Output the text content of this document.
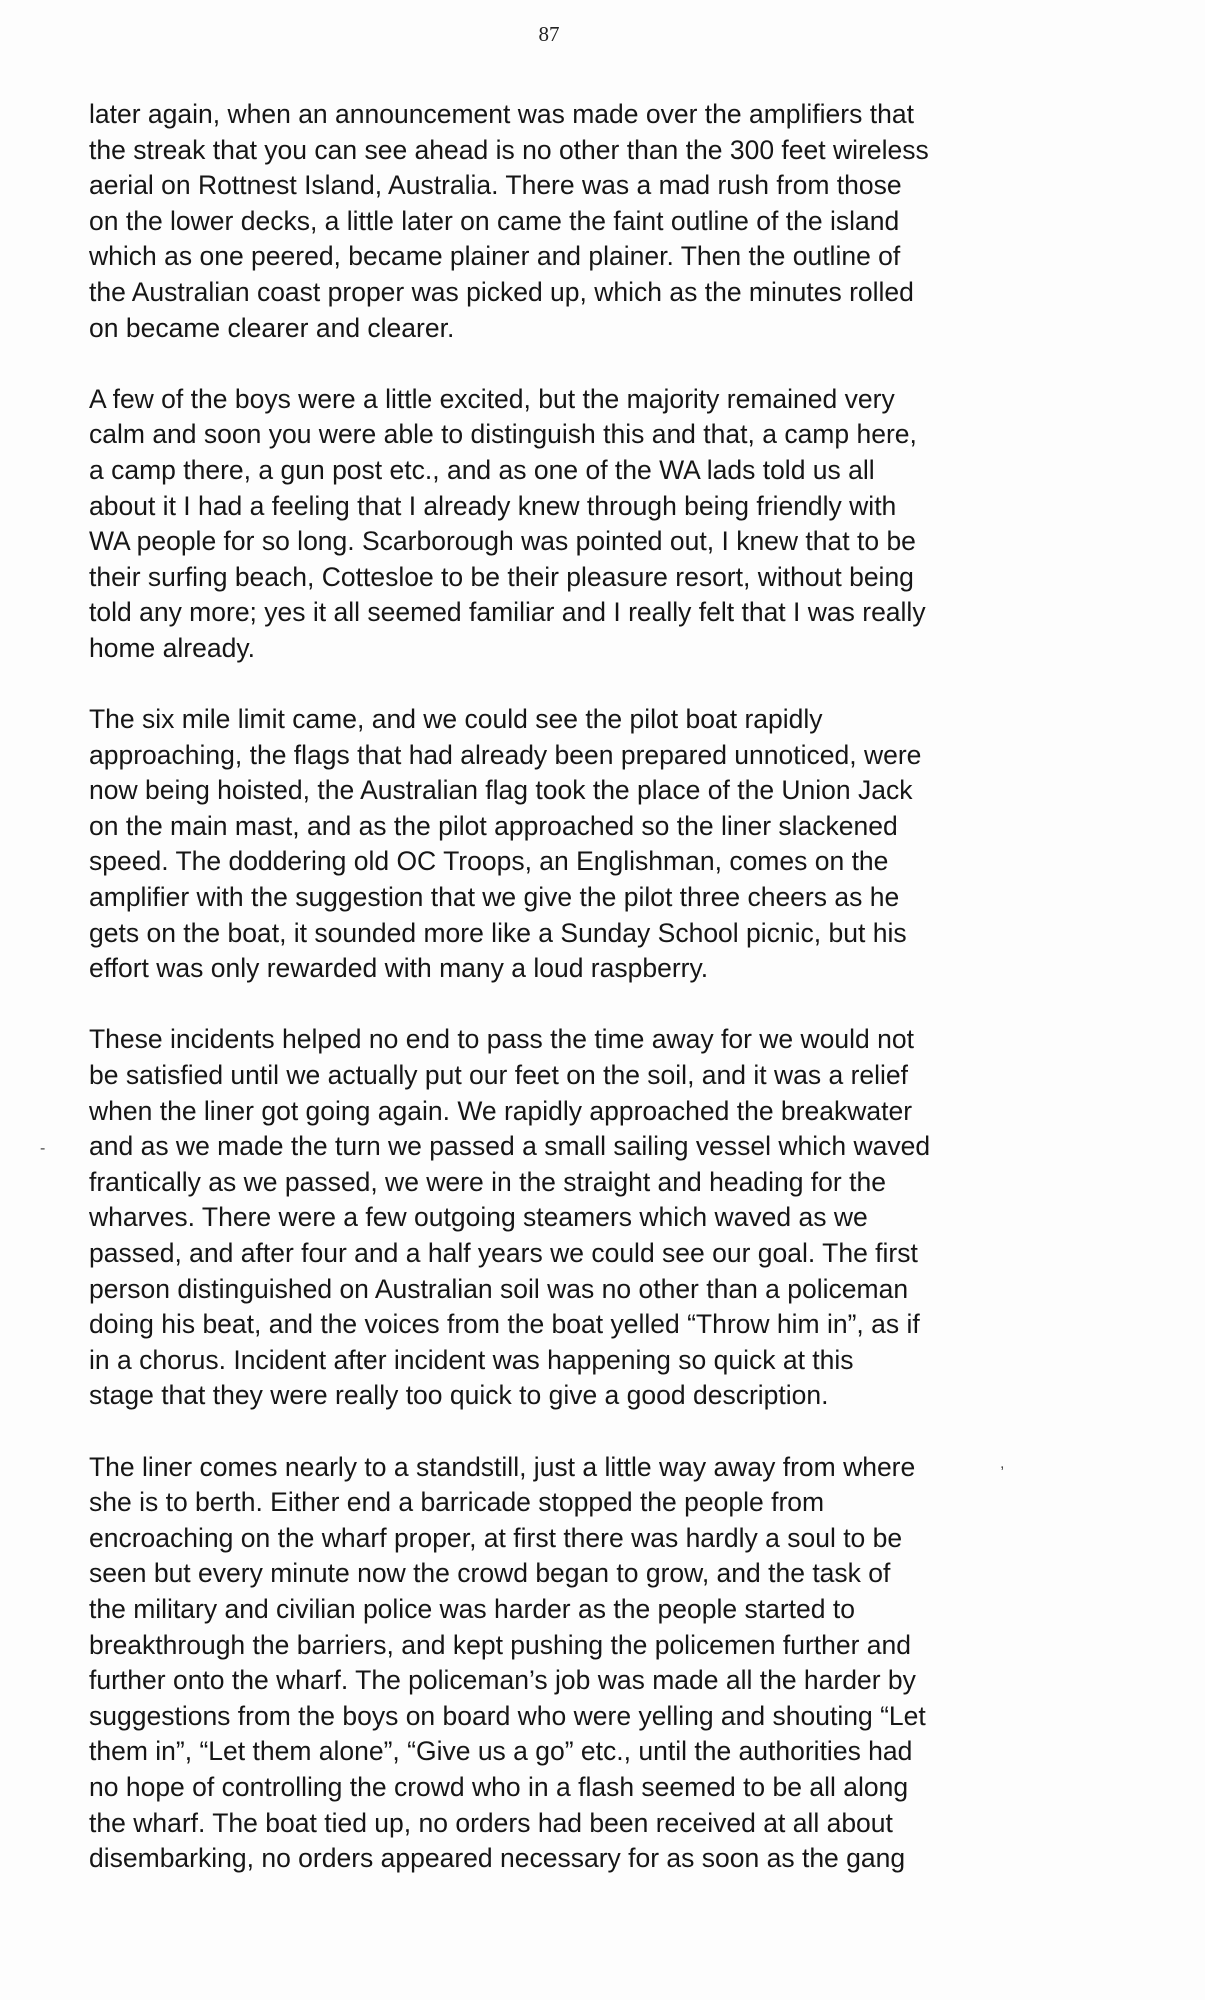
87

later again, when an announcement was made over the amplifiers that
the streak that you can see ahead is no other than the 300 feet wireless
aerial on Rottnest Island, Australia. There was a mad rush from those
on the lower decks, a little later on came the faint outline of the island
which as one peered, became plainer and plainer. Then the outline of
the Australian coast proper was picked up, which as the minutes rolled
on became clearer and clearer.

A few of the boys were a little excited, but the majority remained very
calm and soon you were able to distinguish this and that, a camp here,
a camp there, a gun post etc., and as one of the WA lads told us all
about it I had a feeling that I already knew through being friendly with
WA people for so long. Scarborough was pointed out, I knew that to be
their surfing beach, Cottesloe to be their pleasure resort, without being
told any more; yes it all seemed familiar and I really felt that I was really
home already.

The six mile limit came, and we could see the pilot boat rapidly
approaching, the flags that had already been prepared unnoticed, were
now being hoisted, the Australian flag took the place of the Union Jack
on the main mast, and as the pilot approached so the liner slackened
speed. The doddering old OC Troops, an Englishman, comes on the
amplifier with the suggestion that we give the pilot three cheers as he
gets on the boat, it sounded more like a Sunday School picnic, but his
effort was only rewarded with many a loud raspberry.

These incidents helped no end to pass the time away for we would not
be satisfied until we actually put our feet on the soil, and it was a relief
when the liner got going again. We rapidly approached the breakwater
and as we made the turn we passed a small sailing vessel which waved
frantically as we passed, we were in the straight and heading for the
wharves. There were a few outgoing steamers which waved as we
passed, and after four and a half years we could see our goal. The first
person distinguished on Australian soil was no other than a policeman
doing his beat, and the voices from the boat yelled “Throw him in”, as if
in a chorus. Incident after incident was happening so quick at this
stage that they were really too quick to give a good description.

The liner comes nearly to a standstill, just a little way away from where
she is to berth. Either end a barricade stopped the people from
encroaching on the wharf proper, at first there was hardly a soul to be
seen but every minute now the crowd began to grow, and the task of
the military and civilian police was harder as the people started to
breakthrough the barriers, and kept pushing the policemen further and
further onto the wharf. The policeman’s job was made all the harder by
suggestions from the boys on board who were yelling and shouting “Let
them in”, “Let them alone”, “Give us a go” etc., until the authorities had
no hope of controlling the crowd who in a flash seemed to be all along
the wharf. The boat tied up, no orders had been received at all about
disembarking, no orders appeared necessary for as soon as the gang

-
,
